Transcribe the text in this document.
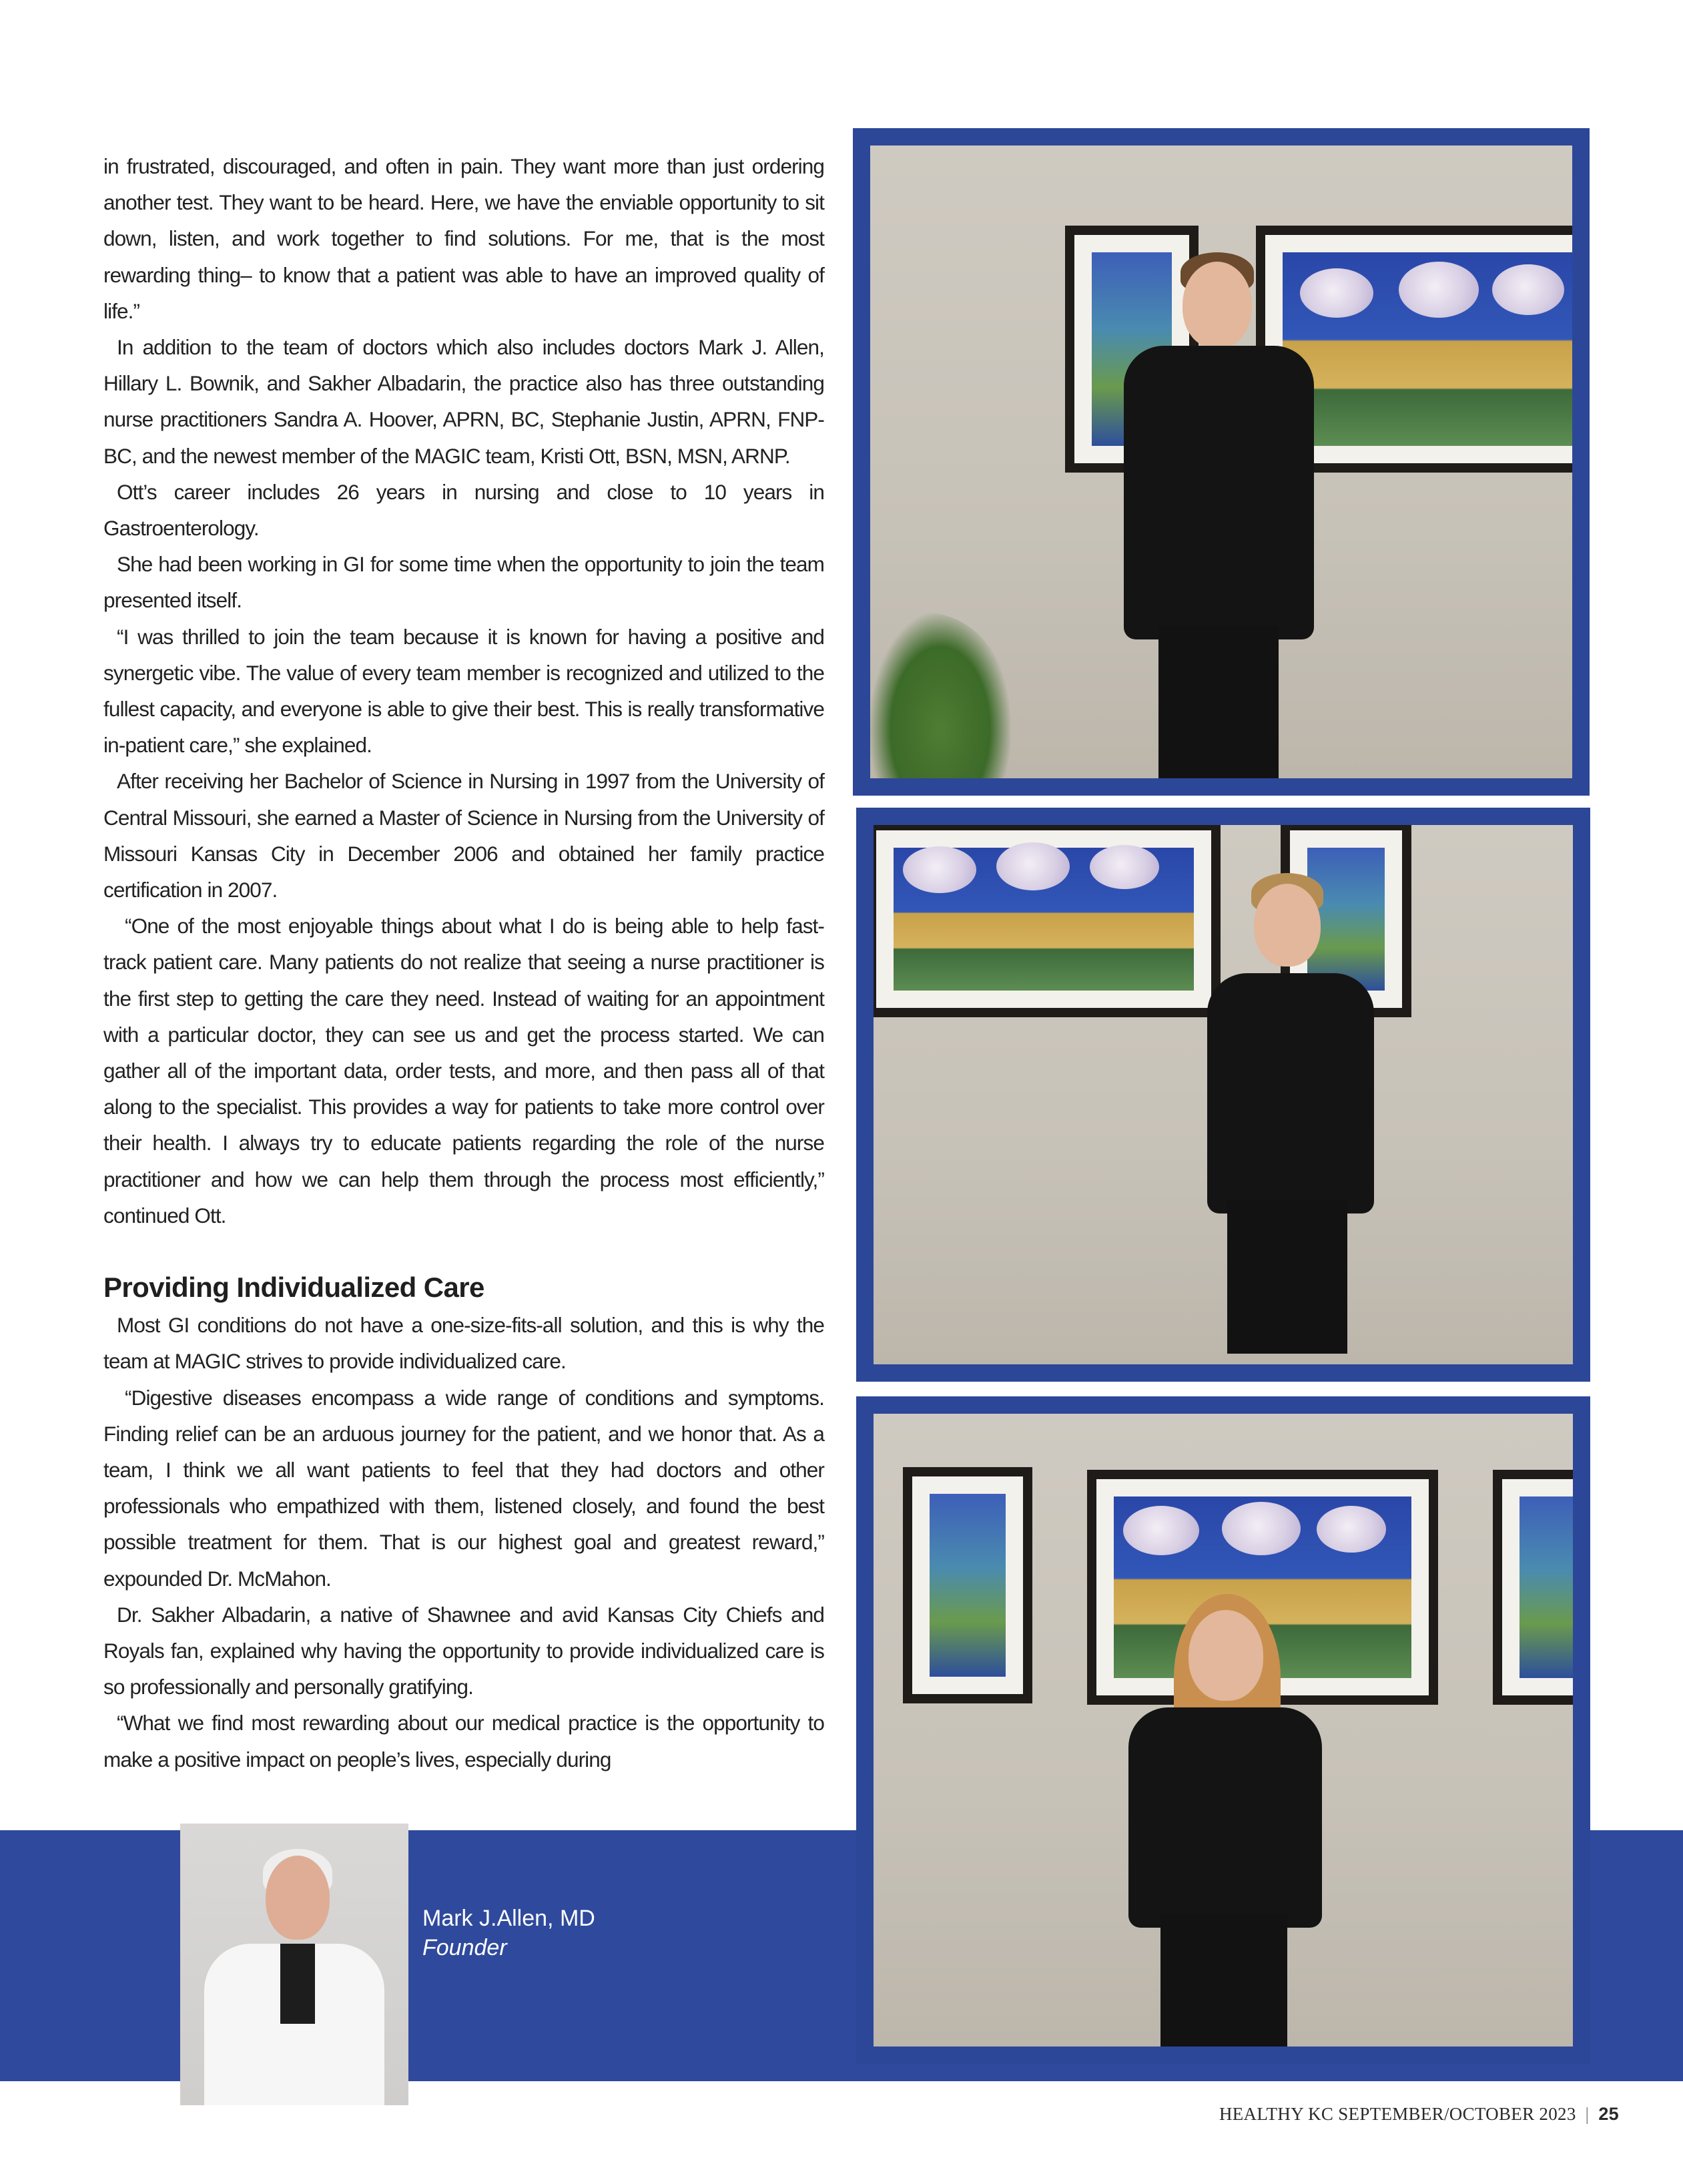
in frustrated, discouraged, and often in pain. They want more than just ordering another test. They want to be heard. Here, we have the enviable opportunity to sit down, listen, and work together to find solutions. For me, that is the most rewarding thing– to know that a patient was able to have an improved quality of life.”

In addition to the team of doctors which also includes doctors Mark J. Allen, Hillary L. Bownik, and Sakher Albadarin, the practice also has three outstanding nurse practitioners Sandra A. Hoover, APRN, BC, Stephanie Justin, APRN, FNP-BC, and the newest member of the MAGIC team, Kristi Ott, BSN, MSN, ARNP.

Ott’s career includes 26 years in nursing and close to 10 years in Gastroenterology.

She had been working in GI for some time when the opportunity to join the team presented itself.

“I was thrilled to join the team because it is known for having a positive and synergetic vibe. The value of every team member is recognized and utilized to the fullest capacity, and everyone is able to give their best. This is really transformative in-patient care,” she explained.

After receiving her Bachelor of Science in Nursing in 1997 from the University of Central Missouri, she earned a Master of Science in Nursing from the University of Missouri Kansas City in December 2006 and obtained her family practice certification in 2007.

“One of the most enjoyable things about what I do is being able to help fast-track patient care. Many patients do not realize that seeing a nurse practitioner is the first step to getting the care they need. Instead of waiting for an appointment with a particular doctor, they can see us and get the process started. We can gather all of the important data, order tests, and more, and then pass all of that along to the specialist. This provides a way for patients to take more control over their health. I always try to educate patients regarding the role of the nurse practitioner and how we can help them through the process most efficiently,” continued Ott.

Providing Individualized Care

Most GI conditions do not have a one-size-fits-all solution, and this is why the team at MAGIC strives to provide individualized care.

“Digestive diseases encompass a wide range of conditions and symptoms. Finding relief can be an arduous journey for the patient, and we honor that. As a team, I think we all want patients to feel that they had doctors and other professionals who empathized with them, listened closely, and found the best possible treatment for them. That is our highest goal and greatest reward,” expounded Dr. McMahon.

Dr. Sakher Albadarin, a native of Shawnee and avid Kansas City Chiefs and Royals fan, explained why having the opportunity to provide individualized care is so professionally and personally gratifying.

“What we find most rewarding about our medical practice is the opportunity to make a positive impact on people’s lives, especially during

Mark J.Allen, MD
Founder
HEALTHY KC SEPTEMBER/OCTOBER 2023 | 25
